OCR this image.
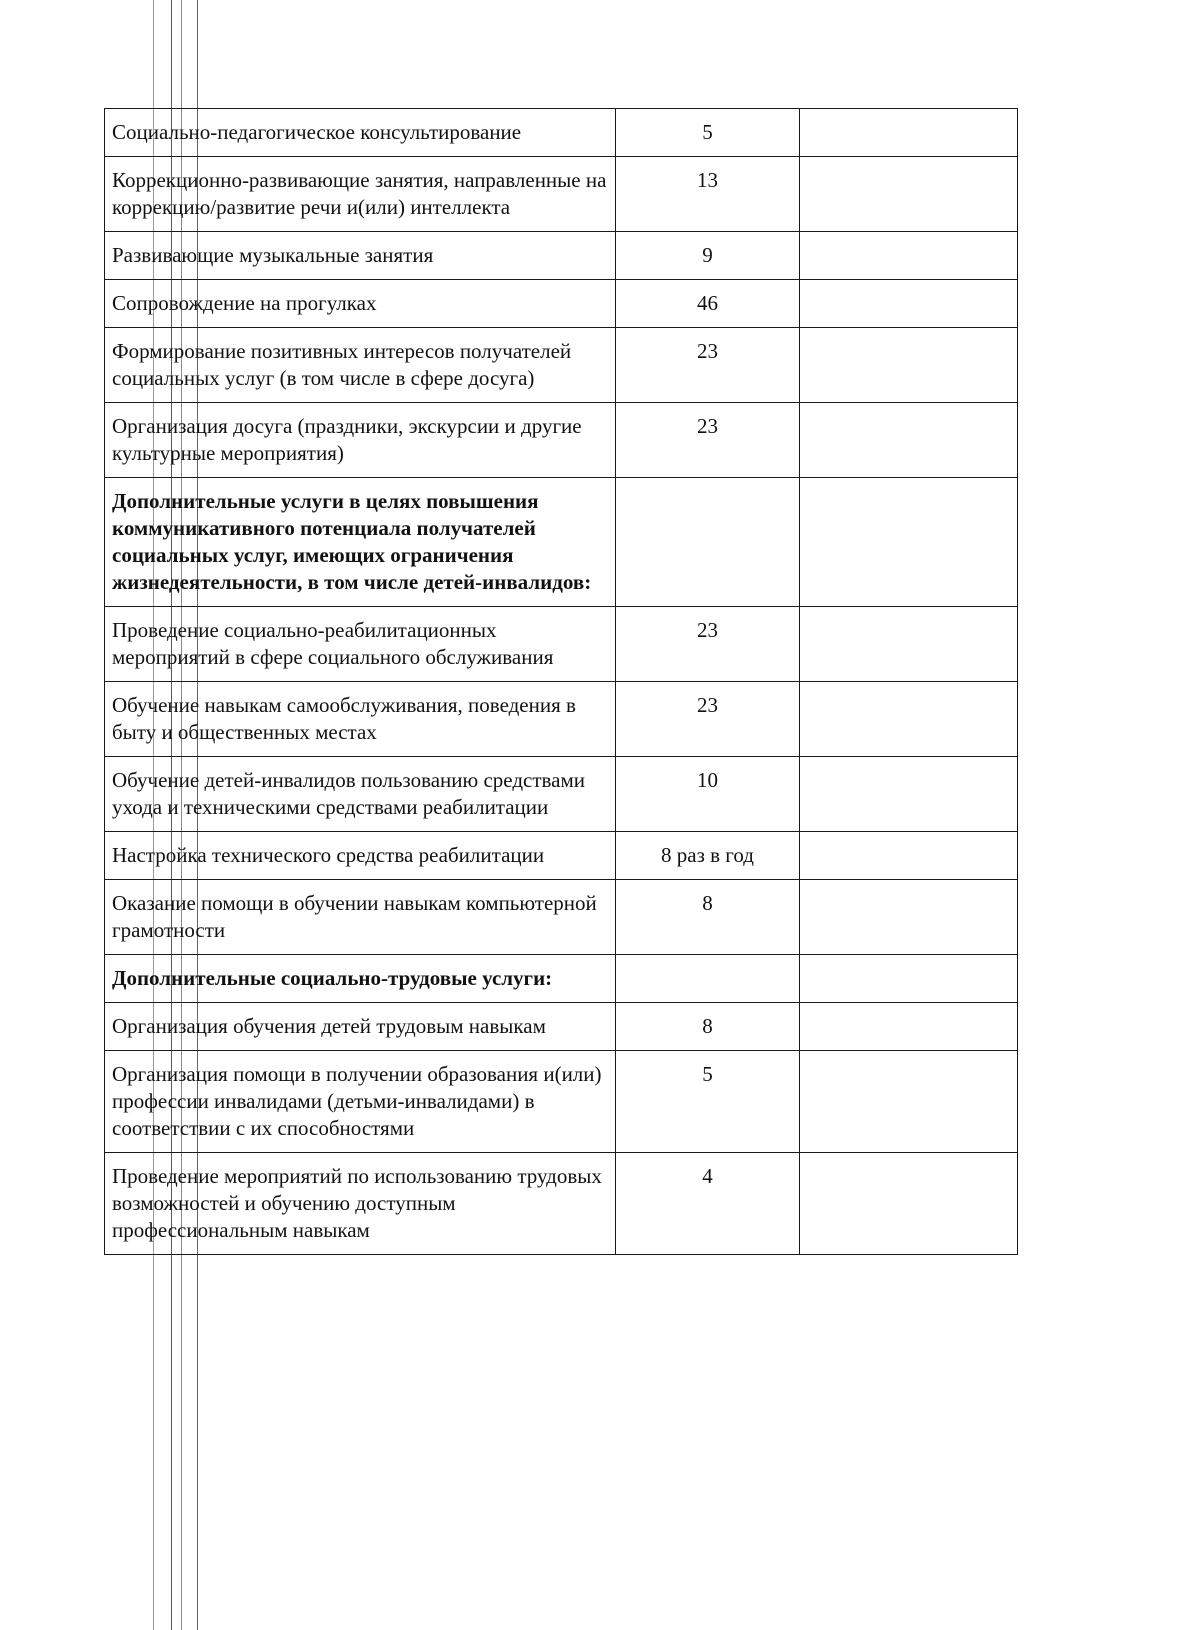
Социально-педагогическое консультирование	5	
Коррекционно-развивающие занятия, направленные на коррекцию/развитие речи и(или) интеллекта	13	
Развивающие музыкальные занятия	9	
Сопровождение на прогулках	46	
Формирование позитивных интересов получателей социальных услуг (в том числе в сфере досуга)	23	
Организация досуга (праздники, экскурсии и другие культурные мероприятия)	23	
Дополнительные услуги в целях повышения коммуникативного потенциала получателей социальных услуг, имеющих ограничения жизнедеятельности, в том числе детей-инвалидов:		
Проведение социально-реабилитационных мероприятий в сфере социального обслуживания	23	
Обучение навыкам самообслуживания, поведения в быту и общественных местах	23	
Обучение детей-инвалидов пользованию средствами ухода и техническими средствами реабилитации	10	
Настройка технического средства реабилитации	8 раз в год	
Оказание помощи в обучении навыкам компьютерной грамотности	8	
Дополнительные социально-трудовые услуги:		
Организация обучения детей трудовым навыкам	8	
Организация помощи в получении образования и(или) профессии инвалидами (детьми-инвалидами) в соответствии с их способностями	5	
Проведение мероприятий по использованию трудовых возможностей и обучению доступным профессиональным навыкам	4	
